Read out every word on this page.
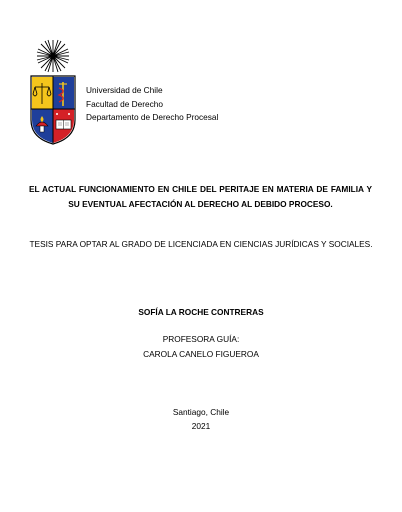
Universidad de Chile
Facultad de Derecho
Departamento de Derecho Procesal
EL ACTUAL FUNCIONAMIENTO EN CHILE DEL PERITAJE EN MATERIA DE FAMILIA Y SU EVENTUAL AFECTACIÓN AL DERECHO AL DEBIDO PROCESO.
TESIS PARA OPTAR AL GRADO DE LICENCIADA EN CIENCIAS JURÍDICAS Y SOCIALES.
SOFÍA LA ROCHE CONTRERAS
PROFESORA GUÍA:
CAROLA CANELO FIGUEROA
Santiago, Chile
2021
